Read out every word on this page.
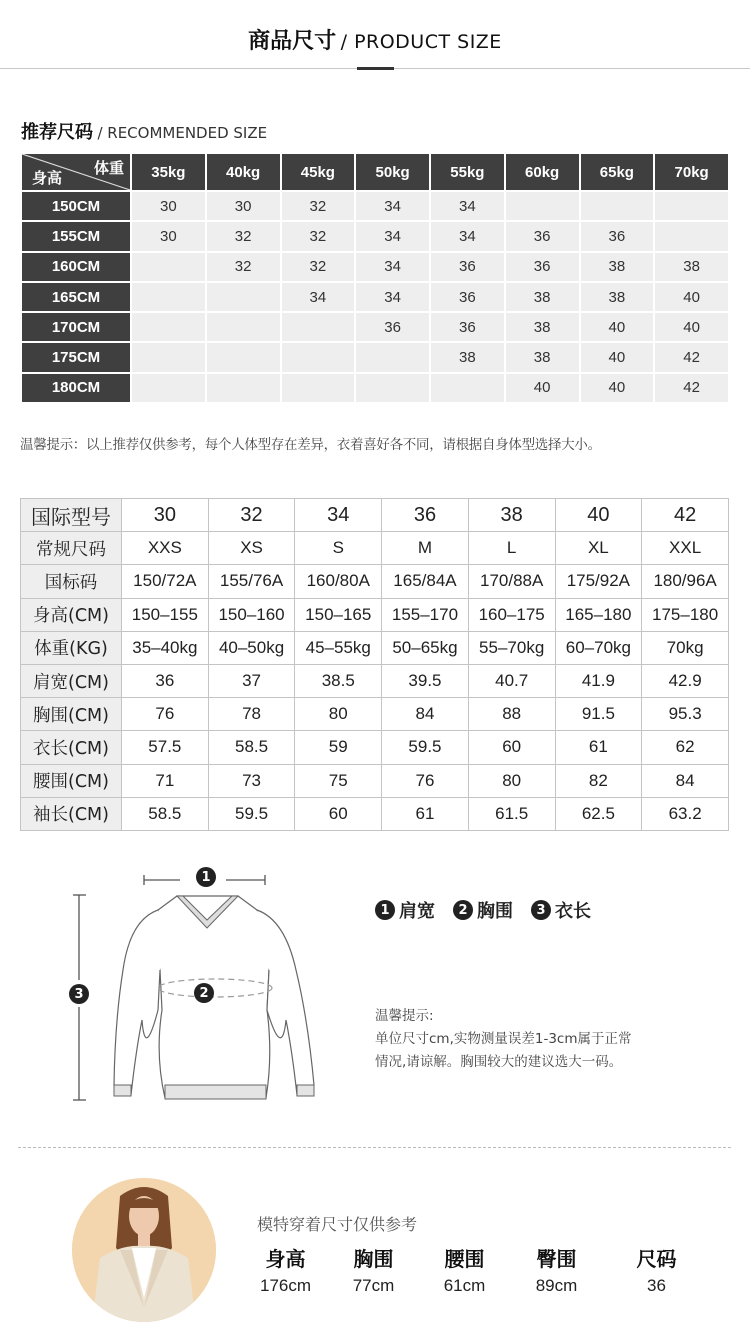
商品尺寸 / PRODUCT SIZE
推荐尺码 / RECOMMENDED SIZE
体重
身高	35kg	40kg	45kg	50kg	55kg	60kg	65kg	70kg
150CM	30	30	32	34	34			
155CM	30	32	32	34	34	36	36	
160CM		32	32	34	36	36	38	38
165CM			34	34	36	38	38	40
170CM				36	36	38	40	40
175CM					38	38	40	42
180CM						40	40	42
温馨提示：以上推荐仅供参考，每个人体型存在差异，衣着喜好各不同，请根据自身体型选择大小。
国际型号	30	32	34	36	38	40	42
常规尺码	XXS	XS	S	M	L	XL	XXL
国标码	150/72A	155/76A	160/80A	165/84A	170/88A	175/92A	180/96A
身高(CM)	150–155	150–160	150–165	155–170	160–175	165–180	175–180
体重(KG)	35–40kg	40–50kg	45–55kg	50–65kg	55–70kg	60–70kg	70kg
肩宽(CM)	36	37	38.5	39.5	40.7	41.9	42.9
胸围(CM)	76	78	80	84	88	91.5	95.3
衣长(CM)	57.5	58.5	59	59.5	60	61	62
腰围(CM)	71	73	75	76	80	82	84
袖长(CM)	58.5	59.5	60	61	61.5	62.5	63.2
1
2
3
1 肩宽	2 胸围	3 衣长
温馨提示:
单位尺寸cm,实物测量误差1-3cm属于正常
情况,请谅解。胸围较大的建议选大一码。
模特穿着尺寸仅供参考
身高
176cm
胸围
77cm
腰围
61cm
臀围
89cm
尺码
36
